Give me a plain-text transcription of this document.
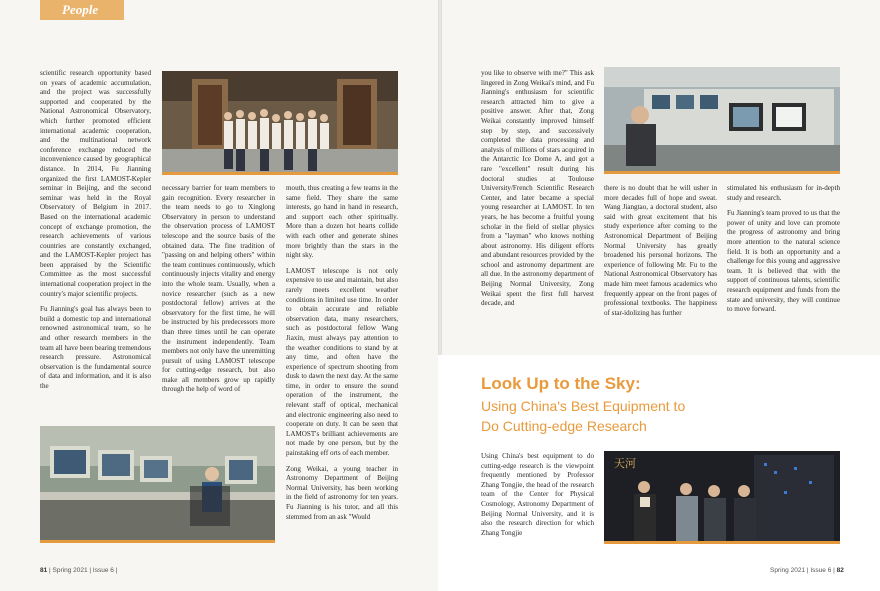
People

scientific research opportunity based on years of academic accumulation, and the project was successfully supported and cooperated by the National Astronomical Observatory, which further promoted efficient international academic cooperation, and the multinational network conference exchange reduced the inconvenience caused by geographical distance. In 2014, Fu Jianning organized the first LAMOST-Kepler seminar in Beijing, and the second seminar was held in the Royal Observatory of Belgium in 2017. Based on the international academic concept of exchange promotion, the research achievements of various countries are constantly exchanged, and the LAMOST-Kepler project has been appraised by the Scientific Committee as the most successful international cooperation project in the country's major scientific projects.

Fu Jianning's goal has always been to build a domestic top and international renowned astronomical team, so he and other research members in the team all have been bearing tremendous research pressure. Astronomical observation is the fundamental source of data and information, and it is also the

necessary barrier for team members to gain recognition. Every researcher in the team needs to go to Xinglong Observatory in person to understand the observation process of LAMOST telescope and the source basis of the obtained data. The fine tradition of "passing on and helping others" within the team continues continuously, which continuously injects vitality and energy into the whole team. Usually, when a novice researcher (such as a new postdoctoral fellow) arrives at the observatory for the first time, he will be instructed by his predecessors more than three times until he can operate the instrument independently. Team members not only have the unremitting pursuit of using LAMOST telescope for cutting-edge research, but also make all members grow up rapidly through the help of word of

mouth, thus creating a few teams in the same field. They share the same interests, go hand in hand in research, and support each other spiritually. More than a dozen hot hearts collide with each other and generate shines more brightly than the stars in the night sky.

LAMOST telescope is not only expensive to use and maintain, but also rarely meets excellent weather conditions in limited use time. In order to obtain accurate and reliable observation data, many researchers, such as postdoctoral fellow Wang Jiaxin, must always pay attention to the weather conditions to stand by at any time, and often have the experience of spectrum shooting from dusk to dawn the next day. At the same time, in order to ensure the sound operation of the instrument, the relevant staff of optical, mechanical and electronic engineering also need to cooperate on duty. It can be seen that LAMOST's brilliant achievements are not made by one person, but by the painstaking eff orts of each member.

Zong Weikai, a young teacher in Astronomy Department of Beijing Normal University, has been working in the field of astronomy for ten years. Fu Jianning is his tutor, and all this stemmed from an ask "Would

81 | Spring 2021 | Issue 6 |

you like to observe with me?" This ask lingered in Zong Weikai's mind, and Fu Jianning's enthusiasm for scientific research attracted him to give a positive answer. After that, Zong Weikai constantly improved himself step by step, and successively completed the data processing and analysis of millions of stars acquired in the Antarctic Ice Dome A, and got a rare "excellent" result during his doctoral studies at Toulouse University/French Scientific Research Center, and later became a special young researcher at LAMOST. In ten years, he has become a fruitful young scholar in the field of stellar physics from a "layman" who knows nothing about astronomy. His diligent efforts and abundant resources provided by the school and astronomy department are all due. In the astronomy department of Beijing Normal University, Zong Weikai spent the first full harvest decade, and

there is no doubt that he will usher in more decades full of hope and sweat. Wang Jiangtao, a doctoral student, also said with great excitement that his study experience after coming to the Astronomical Department of Beijing Normal University has greatly broadened his personal horizons. The experience of following Mr. Fu to the National Astronomical Observatory has made him meet famous academics who frequently appear on the front pages of professional textbooks. The happiness of star-idolizing has further

stimulated his enthusiasm for in-depth study and research.

Fu Jianning's team proved to us that the power of unity and love can promote the progress of astronomy and bring more attention to the natural science field. It is both an opportunity and a challenge for this young and aggressive team. It is believed that with the support of continuous talents, scientific research equipment and funds from the state and university, they will continue to move forward.

Look Up to the Sky:
Using China's Best Equipment to
Do Cutting-edge Research

Using China's best equipment to do cutting-edge research is the viewpoint frequently mentioned by Professor Zhang Tongjie, the head of the research team of the Center for Physical Cosmology, Astronomy Department of Beijing Normal University, and it is also the research direction for which Zhang Tongjie

天河
Spring 2021 | Issue 6 | 82
